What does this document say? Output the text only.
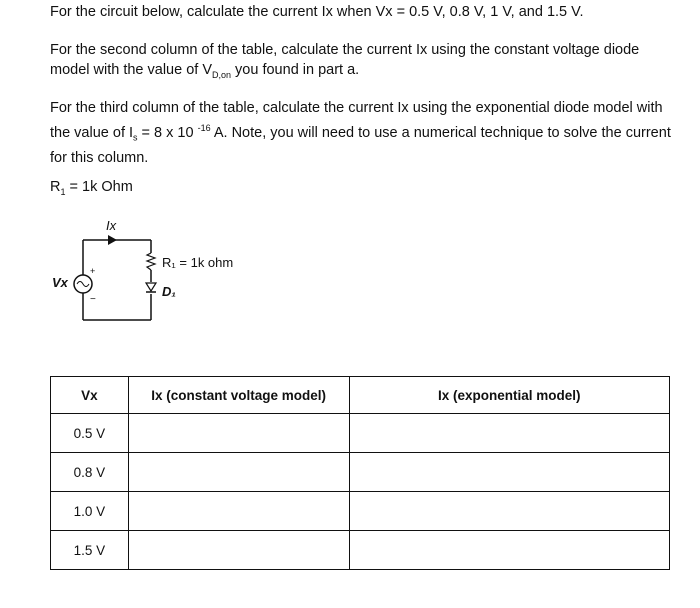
For the circuit below, calculate the current Ix when Vx = 0.5 V, 0.8 V, 1 V, and 1.5 V.
For the second column of the table, calculate the current Ix using the constant voltage diode model with the value of $V_{D,on}$ you found in part a.
For the third column of the table, calculate the current Ix using the exponential diode model with the value of $I_s = 8$ x 10 $^{-16}$ A. Note, you will need to use a numerical technique to solve the current for this column.
$R_1 = 1k$ Ohm
Ix
+
−
Vx
R₁ = 1k ohm
D₁
Vx	Ix (constant voltage model)	Ix (exponential model)
0.5 V		
0.8 V		
1.0 V		
1.5 V		
